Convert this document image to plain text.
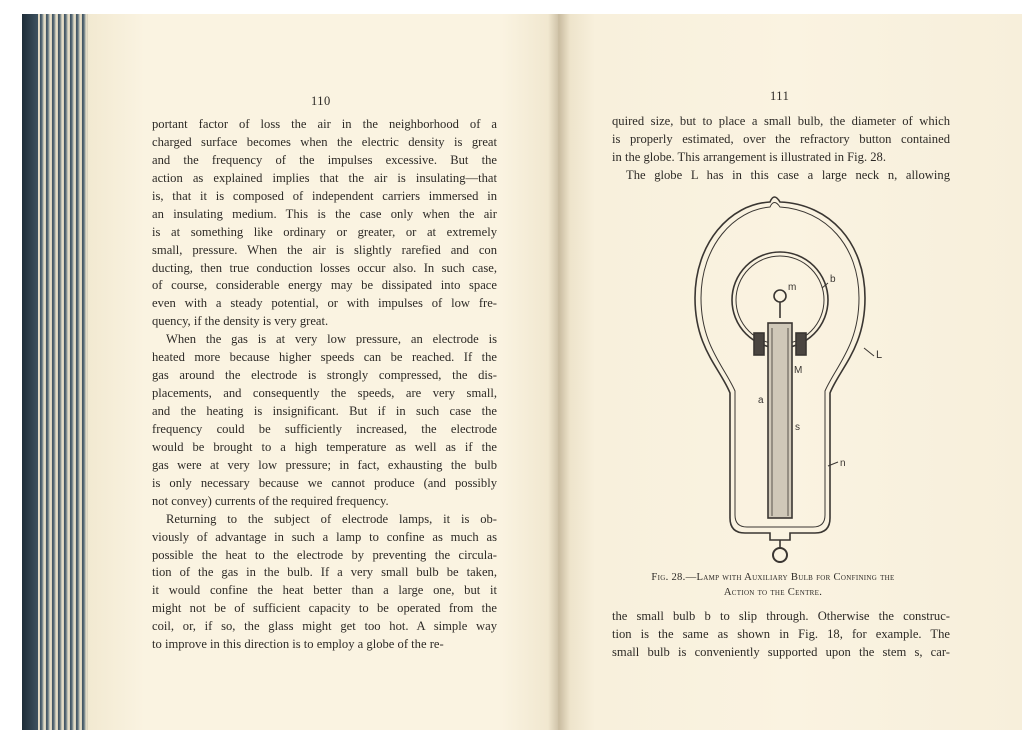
110	111
portant factor of loss the air in the neighborhood of a
charged surface becomes when the electric density is great
and the frequency of the impulses excessive. But the
action as explained implies that the air is insulating—that
is, that it is composed of independent carriers immersed in
an insulating medium. This is the case only when the air
is at something like ordinary or greater, or at extremely
small, pressure. When the air is slightly rarefied and con
ducting, then true conduction losses occur also. In such case,
of course, considerable energy may be dissipated into space
even with a steady potential, or with impulses of low fre-
quency, if the density is very great.
When the gas is at very low pressure, an electrode is
heated more because higher speeds can be reached. If the
gas around the electrode is strongly compressed, the dis-
placements, and consequently the speeds, are very small,
and the heating is insignificant. But if in such case the
frequency could be sufficiently increased, the electrode
would be brought to a high temperature as well as if the
gas were at very low pressure; in fact, exhausting the bulb
is only necessary because we cannot produce (and possibly
not convey) currents of the required frequency.
Returning to the subject of electrode lamps, it is ob-
viously of advantage in such a lamp to confine as much as
possible the heat to the electrode by preventing the circula-
tion of the gas in the bulb. If a very small bulb be taken,
it would confine the heat better than a large one, but it
might not be of sufficient capacity to be operated from the
coil, or, if so, the glass might get too hot. A simple way
to improve in this direction is to employ a globe of the re-
quired size, but to place a small bulb, the diameter of which
is properly estimated, over the refractory button contained
in the globe. This arrangement is illustrated in Fig. 28.
The globe L has in this case a large neck n, allowing
the small bulb b to slip through. Otherwise the construc-
tion is the same as shown in Fig. 18, for example. The
small bulb is conveniently supported upon the stem s, car-
m
b
L
M
a
s
n
Fig. 28.—Lamp with Auxiliary Bulb for Confining the
Action to the Centre.
